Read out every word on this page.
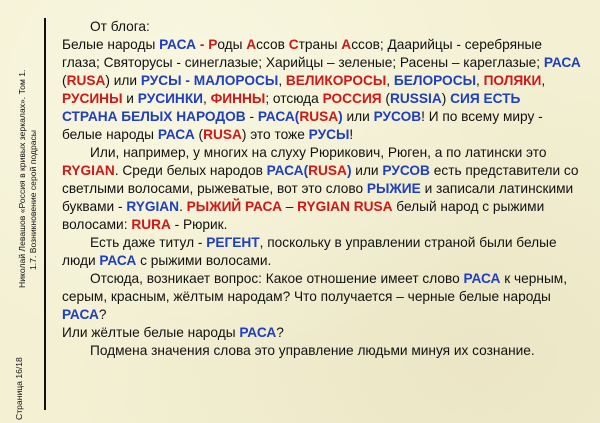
Страница 16/18
Николай Левашов «Россия в кривых зеркалах». Том 1. 1.7. Возникновение серой подрасы
От блога:
Белые народы РАСА - Роды Ассов Страны Ассов; Даарийцы - серебряные
глаза; Святорусы - синеглазые; Харийцы – зеленые; Расены – кареглазые; РАСА
(RUSA) или РУСЫ - МАЛОРОСЫ, ВЕЛИКОРОСЫ, БЕЛОРОСЫ, ПОЛЯКИ,
РУСИНЫ и РУСИНКИ, ФИННЫ; отсюда РОССИЯ (RUSSIA) СИЯ ЕСТЬ
СТРАНА БЕЛЫХ НАРОДОВ - РАСА(RUSA) или РУСОВ! И по всему миру -
белые народы РАСА (RUSA) это тоже РУСЫ!
Или, например, у многих на слуху Рюрикович, Рюген, а по латински это
RYGIAN. Среди белых народов РАСА(RUSA) или РУСОВ есть представители со
светлыми волосами, рыжеватые, вот это слово РЫЖИЕ и записали латинскими
буквами - RYGIAN. РЫЖИЙ РАСА – RYGIAN RUSA белый народ с рыжими
волосами: RURA - Рюрик.
Есть даже титул - РЕГЕНТ, поскольку в управлении страной были белые
люди РАСА с рыжими волосами.
Отсюда, возникает вопрос: Какое отношение имеет слово РАСА к черным,
серым, красным, жёлтым народам? Что получается – черные белые народы РАСА?
Или жёлтые белые народы РАСА?
Подмена значения слова это управление людьми минуя их сознание.
